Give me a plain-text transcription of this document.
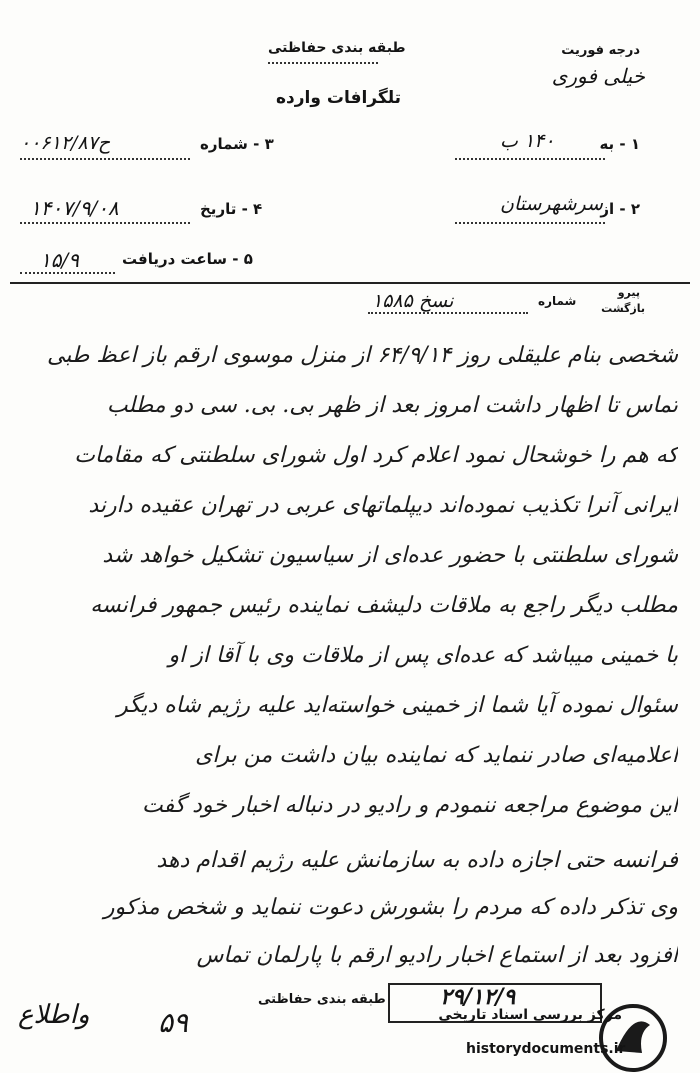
طبقه بندی حفاظتی
تلگرافات وارده
درجه فوریت
خیلی فوری
۱ - به
۱۴۰ ب
۳ - شماره
ح۰۰۶۱۲/۸۷
۲ - از
سرشهرستان
۴ - تاریخ
۱۴۰۷/۹/۰۸
۵ - ساعت دریافت
۱۵/۹
پیرو
بازگشت
شماره
نسخ ۱۵۸۵
شخصی بنام علیقلی روز ۶۴/۹/۱۴ از منزل موسوی ارقم باز اعظ طبی
تماس تا اظهار داشت امروز بعد از ظهر بی. بی. سی دو مطلب
که هم را خوشحال نمود اعلام کرد اول شورای سلطنتی که مقامات
ایرانی آنرا تکذیب نموده‌اند دیپلماتهای عربی در تهران عقیده دارند
شورای سلطنتی با حضور عده‌ای از سیاسیون تشکیل خواهد شد
مطلب دیگر راجع به ملاقات دلیشف نماینده رئیس جمهور فرانسه
با خمینی میباشد که عده‌ای پس از ملاقات وی با آقا از او
سئوال نموده آیا شما از خمینی خواسته‌اید علیه رژیم شاه دیگر
اعلامیه‌ای صادر ننماید که نماینده بیان داشت من برای
این موضوع مراجعه ننمودم و رادیو در دنباله اخبار خود گفت
فرانسه حتی اجازه داده به سازمانش علیه رژیم اقدام دهد
وی تذکر داده که مردم را بشورش دعوت ننماید و شخص مذکور
افزود بعد از استماع اخبار رادیو ارقم با پارلمان تماس
واطلاع ۵۹
طبقه بندی حفاظتی ۲۹/۱۲/۹
مرکز بررسی اسناد تاریخی
historydocuments.ir
